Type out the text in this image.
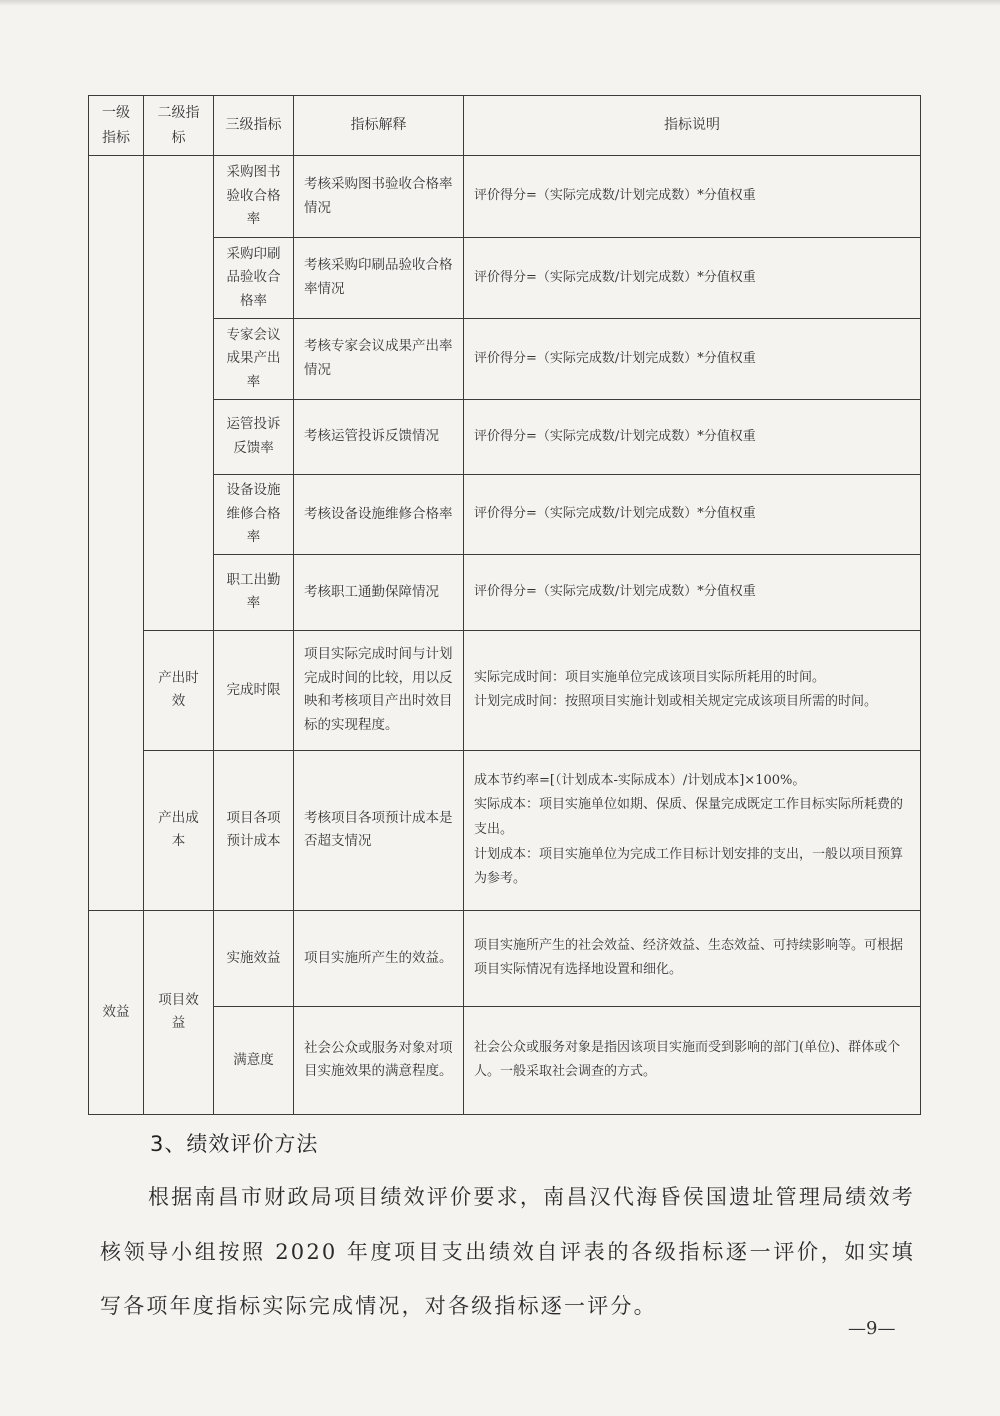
一级指标	二级指标	三级指标	指标解释	指标说明
		采购图书验收合格率	考核采购图书验收合格率情况	评价得分=（实际完成数/计划完成数）*分值权重
		采购印刷品验收合格率	考核采购印刷品验收合格率情况	评价得分=（实际完成数/计划完成数）*分值权重
		专家会议成果产出率	考核专家会议成果产出率情况	评价得分=（实际完成数/计划完成数）*分值权重
		运管投诉反馈率	考核运管投诉反馈情况	评价得分=（实际完成数/计划完成数）*分值权重
		设备设施维修合格率	考核设备设施维修合格率	评价得分=（实际完成数/计划完成数）*分值权重
		职工出勤率	考核职工通勤保障情况	评价得分=（实际完成数/计划完成数）*分值权重
	产出时效	完成时限	项目实际完成时间与计划完成时间的比较，用以反映和考核项目产出时效目标的实现程度。	实际完成时间：项目实施单位完成该项目实际所耗用的时间。
计划完成时间：按照项目实施计划或相关规定完成该项目所需的时间。

	产出成本	项目各项预计成本	考核项目各项预计成本是否超支情况	成本节约率=[（计划成本-实际成本）/计划成本]×100%。
实际成本：项目实施单位如期、保质、保量完成既定工作目标实际所耗费的支出。
计划成本：项目实施单位为完成工作目标计划安排的支出，一般以项目预算为参考。

效益	项目效益	实施效益	项目实施所产生的效益。	项目实施所产生的社会效益、经济效益、生态效益、可持续影响等。可根据项目实际情况有选择地设置和细化。
		满意度	社会公众或服务对象对项目实施效果的满意程度。	社会公众或服务对象是指因该项目实施而受到影响的部门(单位)、群体或个人。一般采取社会调查的方式。
3、绩效评价方法
根据南昌市财政局项目绩效评价要求，南昌汉代海昏侯国遗址管理局绩效考核领导小组按照 2020 年度项目支出绩效自评表的各级指标逐一评价，如实填写各项年度指标实际完成情况，对各级指标逐一评分。
—9—
